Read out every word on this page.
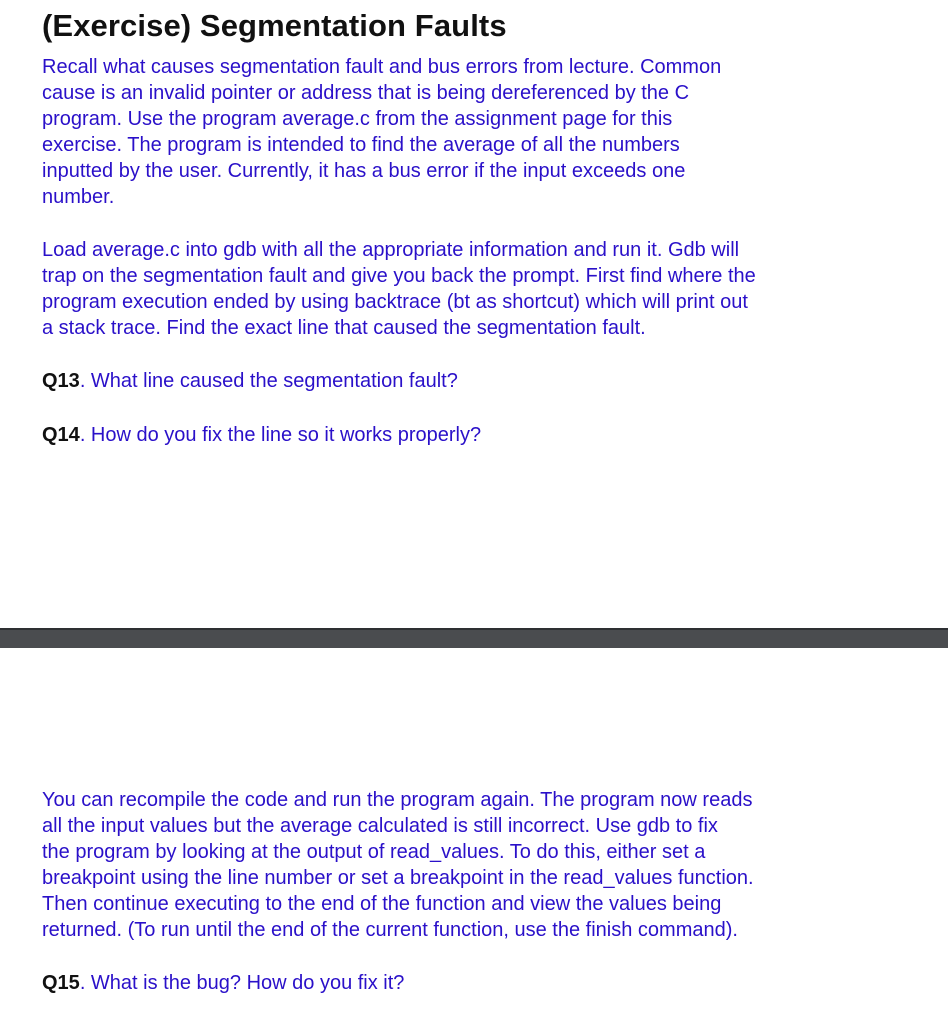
(Exercise) Segmentation Faults

Recall what causes segmentation fault and bus errors from lecture. Common
cause is an invalid pointer or address that is being dereferenced by the C
program. Use the program average.c from the assignment page for this
exercise. The program is intended to find the average of all the numbers
inputted by the user. Currently, it has a bus error if the input exceeds one
number.

Load average.c into gdb with all the appropriate information and run it. Gdb will
trap on the segmentation fault and give you back the prompt. First find where the
program execution ended by using backtrace (bt as shortcut) which will print out
a stack trace. Find the exact line that caused the segmentation fault.

Q13. What line caused the segmentation fault?
Q14. How do you fix the line so it works properly?

You can recompile the code and run the program again. The program now reads
all the input values but the average calculated is still incorrect. Use gdb to fix
the program by looking at the output of read_values. To do this, either set a
breakpoint using the line number or set a breakpoint in the read_values function.
Then continue executing to the end of the function and view the values being
returned. (To run until the end of the current function, use the finish command).

Q15. What is the bug? How do you fix it?
